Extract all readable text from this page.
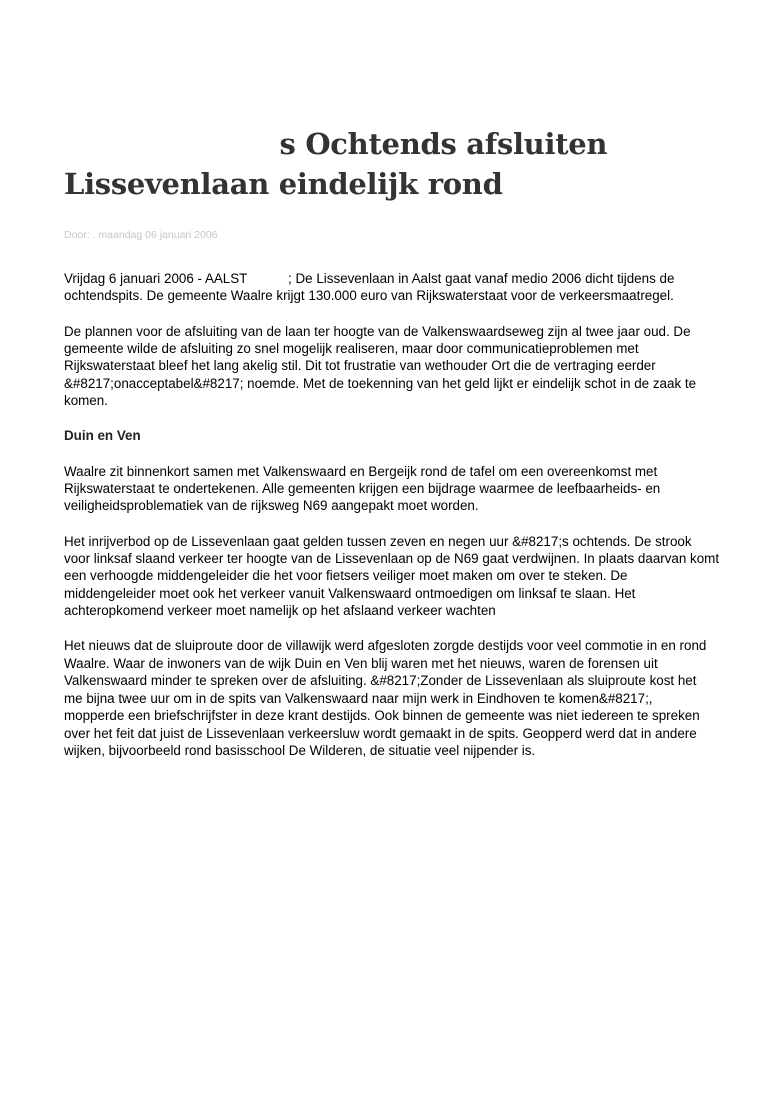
s Ochtends afsluiten
Lissevenlaan eindelijk rond
Door: . maandag 06 januari 2006

Vrijdag 6 januari 2006 - AALST           ; De Lissevenlaan in Aalst gaat vanaf medio 2006 dicht tijdens de
ochtendspits. De gemeente Waalre krijgt 130.000 euro van Rijkswaterstaat voor de verkeersmaatregel.

De plannen voor de afsluiting van de laan ter hoogte van de Valkenswaardseweg zijn al twee jaar oud. De
gemeente wilde de afsluiting zo snel mogelijk realiseren, maar door communicatieproblemen met
Rijkswaterstaat bleef het lang akelig stil. Dit tot frustratie van wethouder Ort die de vertraging eerder
&#8217;onacceptabel&#8217; noemde. Met de toekenning van het geld lijkt er eindelijk schot in de zaak te
komen.

Duin en Ven

Waalre zit binnenkort samen met Valkenswaard en Bergeijk rond de tafel om een overeenkomst met
Rijkswaterstaat te ondertekenen. Alle gemeenten krijgen een bijdrage waarmee de leefbaarheids- en
veiligheidsproblematiek van de rijksweg N69 aangepakt moet worden.

Het inrijverbod op de Lissevenlaan gaat gelden tussen zeven en negen uur &#8217;s ochtends. De strook
voor linksaf slaand verkeer ter hoogte van de Lissevenlaan op de N69 gaat verdwijnen. In plaats daarvan komt
een verhoogde middengeleider die het voor fietsers veiliger moet maken om over te steken. De
middengeleider moet ook het verkeer vanuit Valkenswaard ontmoedigen om linksaf te slaan. Het
achteropkomend verkeer moet namelijk op het afslaand verkeer wachten

Het nieuws dat de sluiproute door de villawijk werd afgesloten zorgde destijds voor veel commotie in en rond
Waalre. Waar de inwoners van de wijk Duin en Ven blij waren met het nieuws, waren de forensen uit
Valkenswaard minder te spreken over de afsluiting. &#8217;Zonder de Lissevenlaan als sluiproute kost het
me bijna twee uur om in de spits van Valkenswaard naar mijn werk in Eindhoven te komen&#8217;,
mopperde een briefschrijfster in deze krant destijds. Ook binnen de gemeente was niet iedereen te spreken
over het feit dat juist de Lissevenlaan verkeersluw wordt gemaakt in de spits. Geopperd werd dat in andere
wijken, bijvoorbeeld rond basisschool De Wilderen, de situatie veel nijpender is.
